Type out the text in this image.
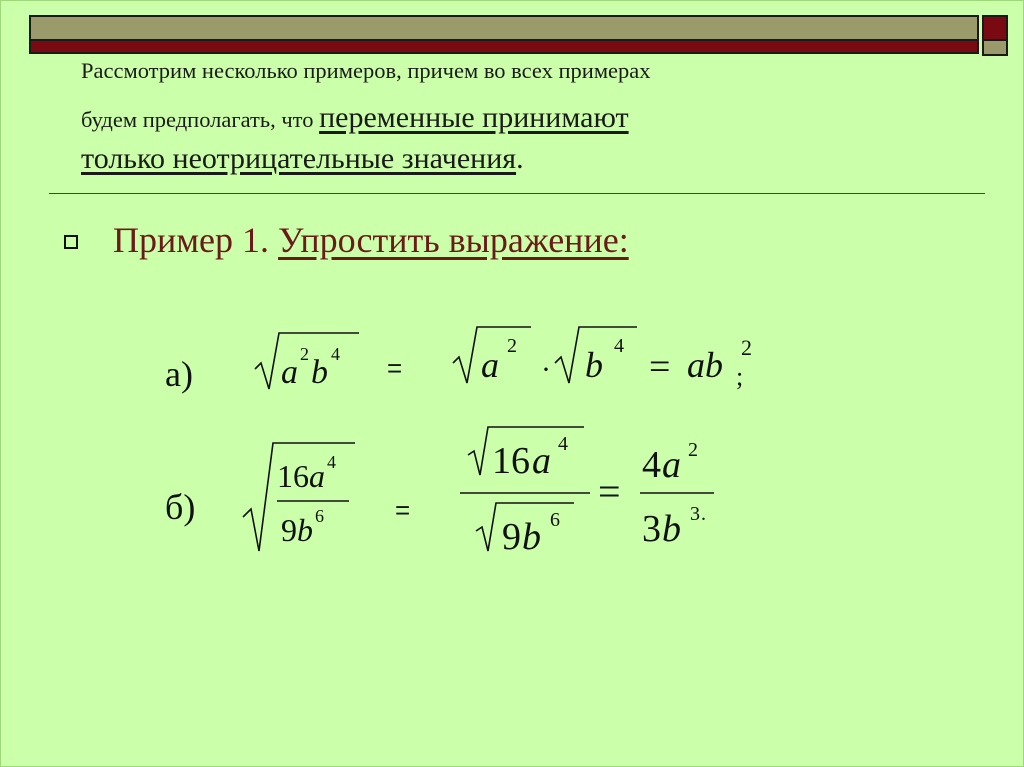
Рассмотрим несколько примеров, причем во всех примерах
будем предполагать, что переменные принимают
только неотрицательные значения.
Пример 1. Упростить выражение:
а)	a 2 b 4 = a 2
· b 4 = ab 2
;
б)
16 a 4
9 b 6	=
16 a 4
9 b 6
=
4 a 2
3 b 3 .
